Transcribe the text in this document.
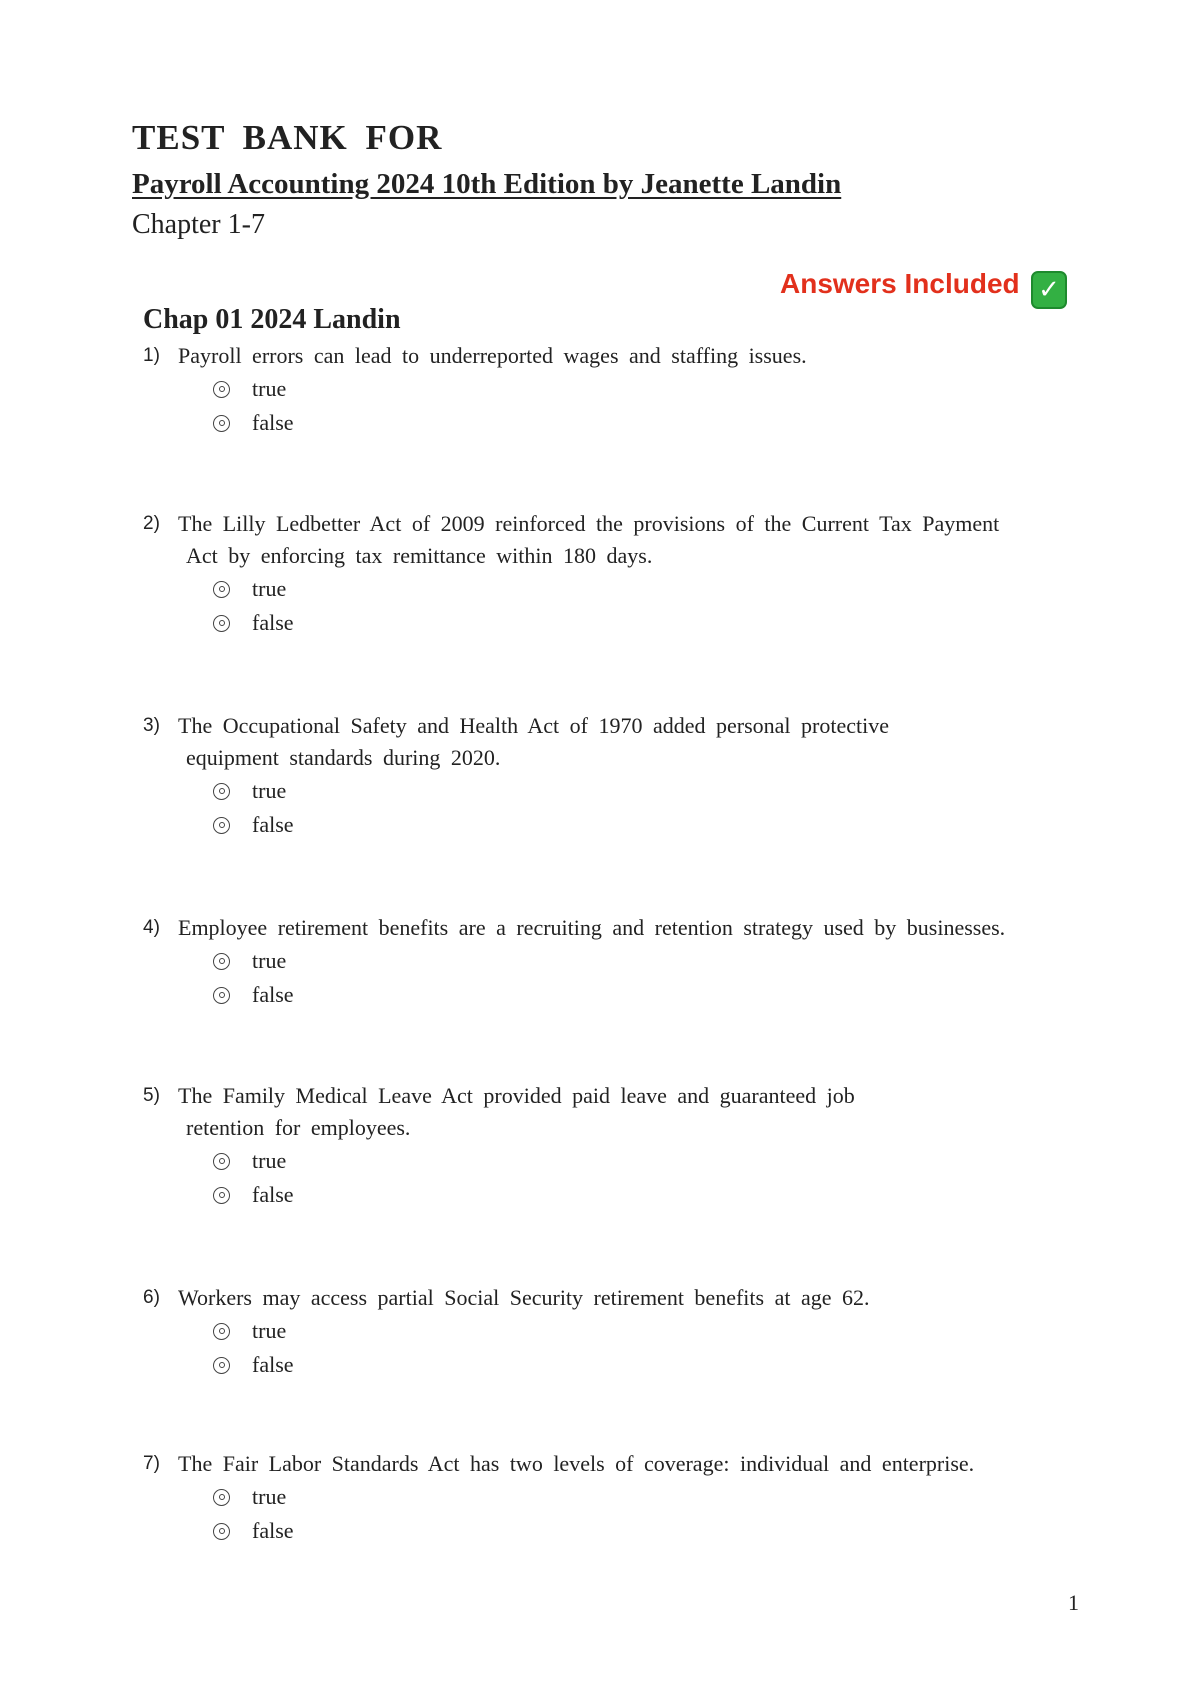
TEST BANK FOR
Payroll Accounting 2024 10th Edition by Jeanette Landin
Chapter 1-7
Answers Included ✓
Chap 01 2024 Landin
1) Payroll errors can lead to underreported wages and staffing issues.
true
false
2) The Lilly Ledbetter Act of 2009 reinforced the provisions of the Current Tax Payment
Act by enforcing tax remittance within 180 days.
true
false
3) The Occupational Safety and Health Act of 1970 added personal protective
equipment standards during 2020.
true
false
4) Employee retirement benefits are a recruiting and retention strategy used by businesses.
true
false
5) The Family Medical Leave Act provided paid leave and guaranteed job
retention for employees.
true
false
6) Workers may access partial Social Security retirement benefits at age 62.
true
false
7) The Fair Labor Standards Act has two levels of coverage: individual and enterprise.
true
false
1
